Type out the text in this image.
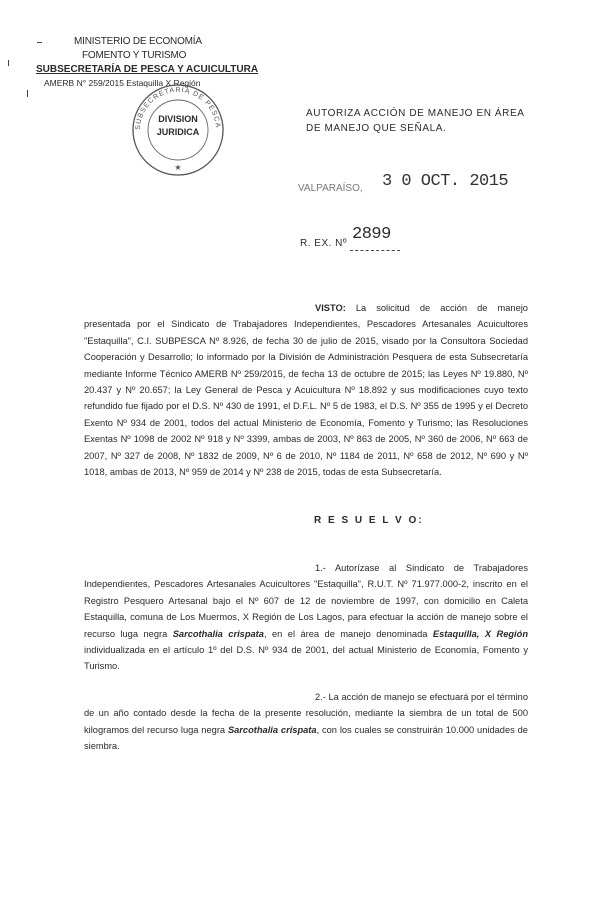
MINISTERIO DE ECONOMÍA
FOMENTO Y TURISMO
SUBSECRETARÍA DE PESCA Y ACUICULTURA
AMERB N° 259/2015 Estaquilla X Región
SUBSECRETARÍA DE PESCA
★
DIVISION
JURIDICA
AUTORIZA ACCIÓN DE MANEJO EN ÁREA DE MANEJO QUE SEÑALA.
VALPARAÍSO, 3 0 OCT. 2015
R. EX. Nº 2899
VISTO: La solicitud de acción de manejo presentada por el Sindicato de Trabajadores Independientes, Pescadores Artesanales Acuicultores "Estaquilla", C.I. SUBPESCA Nº 8.926, de fecha 30 de julio de 2015, visado por la Consultora Sociedad Cooperación y Desarrollo; lo informado por la División de Administración Pesquera de esta Subsecretaría mediante Informe Técnico AMERB Nº 259/2015, de fecha 13 de octubre de 2015; las Leyes Nº 19.880, Nº 20.437 y Nº 20.657; la Ley General de Pesca y Acuicultura Nº 18.892 y sus modificaciones cuyo texto refundido fue fijado por el D.S. Nº 430 de 1991, el D.F.L. Nº 5 de 1983, el D.S. Nº 355 de 1995 y el Decreto Exento Nº 934 de 2001, todos del actual Ministerio de Economía, Fomento y Turismo; las Resoluciones Exentas Nº 1098 de 2002 Nº 918 y Nº 3399, ambas de 2003, Nº 863 de 2005, Nº 360 de 2006, Nº 663 de 2007, Nº 327 de 2008, Nº 1832 de 2009, Nº 6 de 2010, Nº 1184 de 2011, Nº 658 de 2012, Nº 690 y Nº 1018, ambas de 2013, Nº 959 de 2014 y Nº 238 de 2015, todas de esta Subsecretaría.
R E S U E L V O:
1.- Autorízase al Sindicato de Trabajadores Independientes, Pescadores Artesanales Acuicultores "Estaquilla", R.U.T. Nº 71.977.000-2, inscrito en el Registro Pesquero Artesanal bajo el Nº 607 de 12 de noviembre de 1997, con domicilio en Caleta Estaquilla, comuna de Los Muermos, X Región de Los Lagos, para efectuar la acción de manejo sobre el recurso luga negra Sarcothalia crispata, en el área de manejo denominada Estaquilla, X Región individualizada en el artículo 1º del D.S. Nº 934 de 2001, del actual Ministerio de Economía, Fomento y Turismo.
2.- La acción de manejo se efectuará por el término de un año contado desde la fecha de la presente resolución, mediante la siembra de un total de 500 kilogramos del recurso luga negra Sarcothalia crispata, con los cuales se construirán 10.000 unidades de siembra.
